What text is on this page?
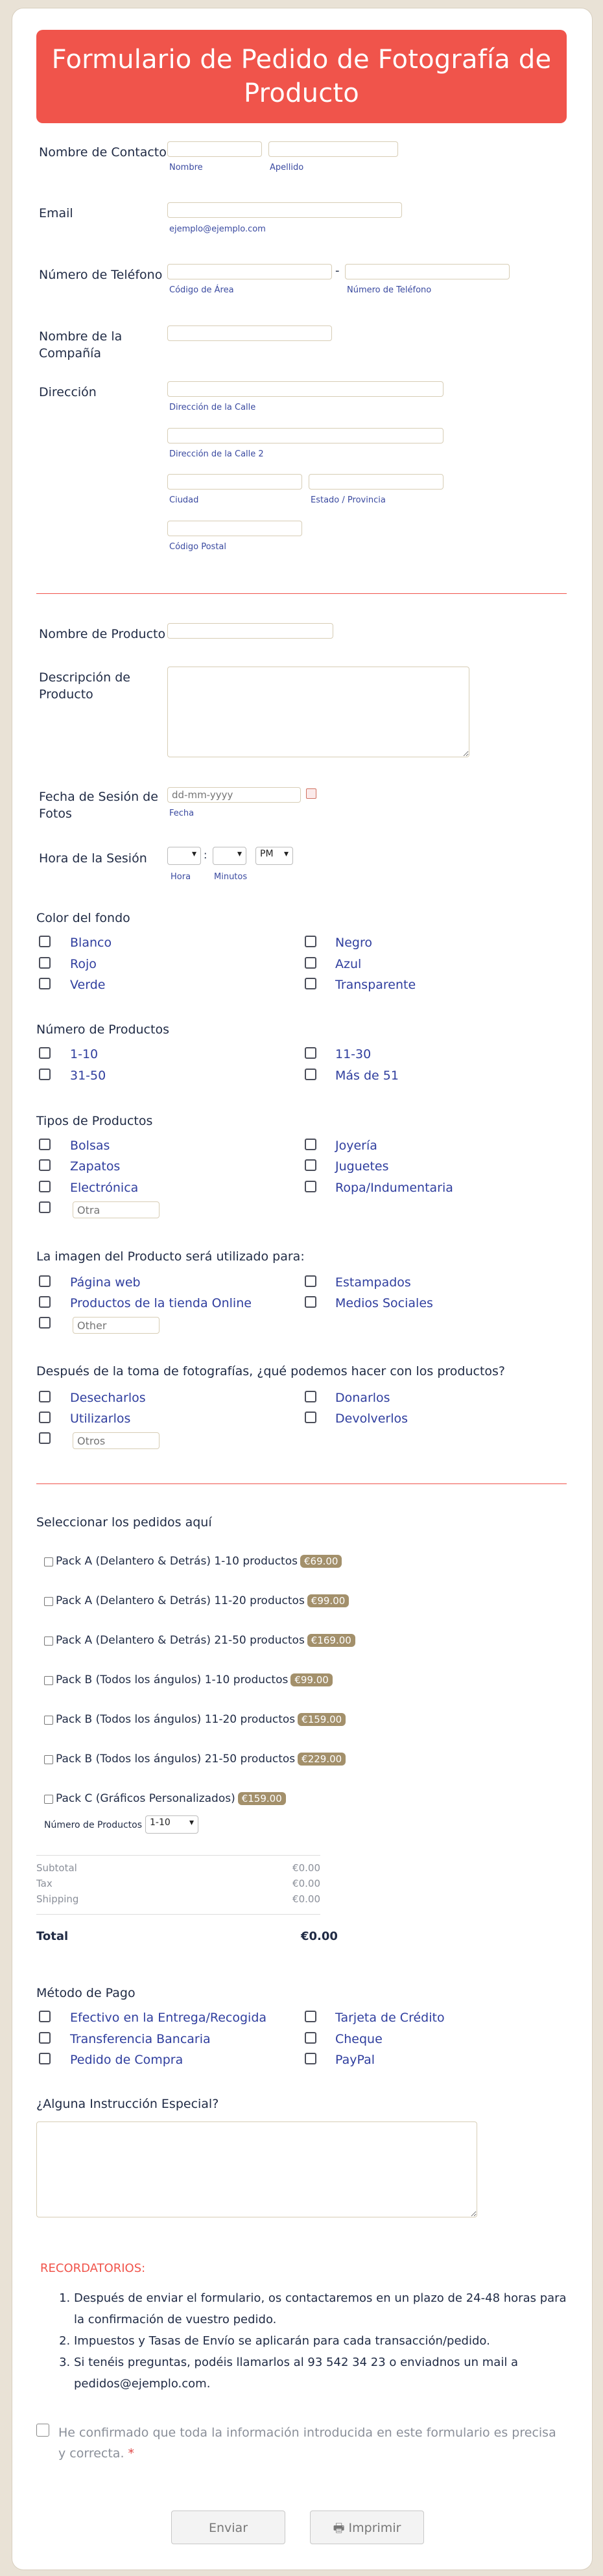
Formulario de Pedido de Fotografía de Producto
Nombre de Contacto
Nombre	Apellido
Email
ejemplo@ejemplo.com
Número de Teléfono	-
Código de Área	Número de Teléfono
Nombre de la Compañía
Dirección
Dirección de la Calle
Dirección de la Calle 2
Ciudad	Estado / Provincia
Código Postal
Nombre de Producto
Descripción de Producto
Fecha de Sesión de Fotos
dd-mm-yyyy	Fecha
Hora de la Sesión	▾ :	▾	PM ▾
Hora	Minutos
Color del fondo
Blanco	Negro
Rojo	Azul
Verde	Transparente
Número de Productos
1-10	11-30
31-50	Más de 51
Tipos de Productos
Bolsas	Joyería
Zapatos	Juguetes
Electrónica	Ropa/Indumentaria
Otra
La imagen del Producto será utilizado para:
Página web	Estampados
Productos de la tienda Online	Medios Sociales
Other
Después de la toma de fotografías, ¿qué podemos hacer con los productos?
Desecharlos	Donarlos
Utilizarlos	Devolverlos
Otros
Seleccionar los pedidos aquí
Pack A (Delantero & Detrás) 1-10 productos €69.00
Pack A (Delantero & Detrás) 11-20 productos €99.00
Pack A (Delantero & Detrás) 21-50 productos €169.00
Pack B (Todos los ángulos) 1-10 productos €99.00
Pack B (Todos los ángulos) 11-20 productos €159.00
Pack B (Todos los ángulos) 21-50 productos €229.00
Pack C (Gráficos Personalizados) €159.00
Número de Productos 1-10 ▾
Subtotal	€0.00
Tax	€0.00
Shipping	€0.00
Total	€0.00
Método de Pago
Efectivo en la Entrega/Recogida	Tarjeta de Crédito
Transferencia Bancaria	Cheque
Pedido de Compra	PayPal
¿Alguna Instrucción Especial?
RECORDATORIOS:
1. Después de enviar el formulario, os contactaremos en un plazo de 24-48 horas para la confirmación de vuestro pedido.
2. Impuestos y Tasas de Envío se aplicarán para cada transacción/pedido.
3. Si tenéis preguntas, podéis llamarlos al 93 542 34 23 o enviadnos un mail a pedidos@ejemplo.com.
He confirmado que toda la información introducida en este formulario es precisa y correcta. *
Enviar	🖶 Imprimir
